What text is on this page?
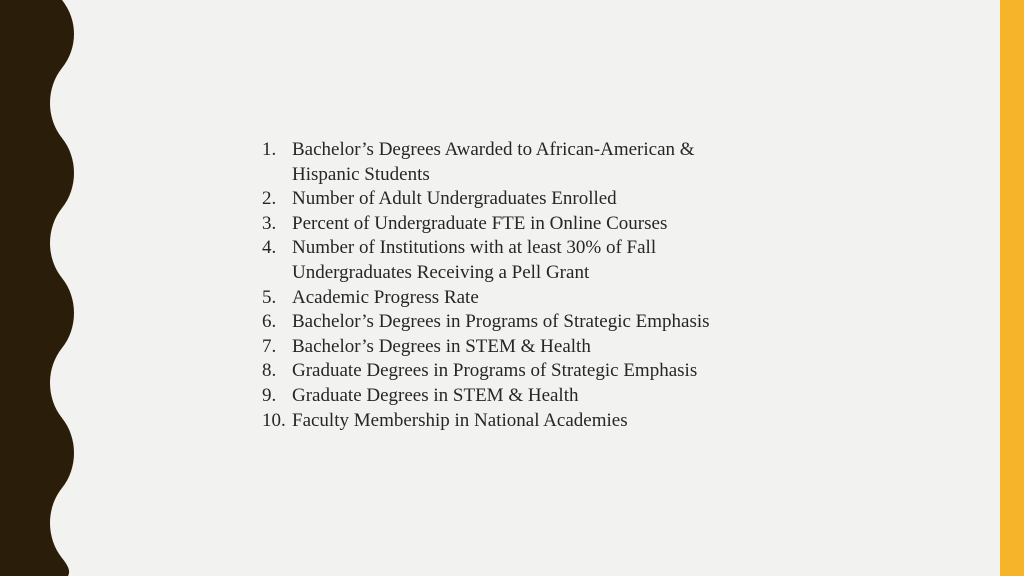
1. Bachelor’s Degrees Awarded to African-American &
Hispanic Students
2. Number of Adult Undergraduates Enrolled
3. Percent of Undergraduate FTE in Online Courses
4. Number of Institutions with at least 30% of Fall
Undergraduates Receiving a Pell Grant
5. Academic Progress Rate
6. Bachelor’s Degrees in Programs of Strategic Emphasis
7. Bachelor’s Degrees in STEM & Health
8. Graduate Degrees in Programs of Strategic Emphasis
9. Graduate Degrees in STEM & Health
10. Faculty Membership in National Academies
